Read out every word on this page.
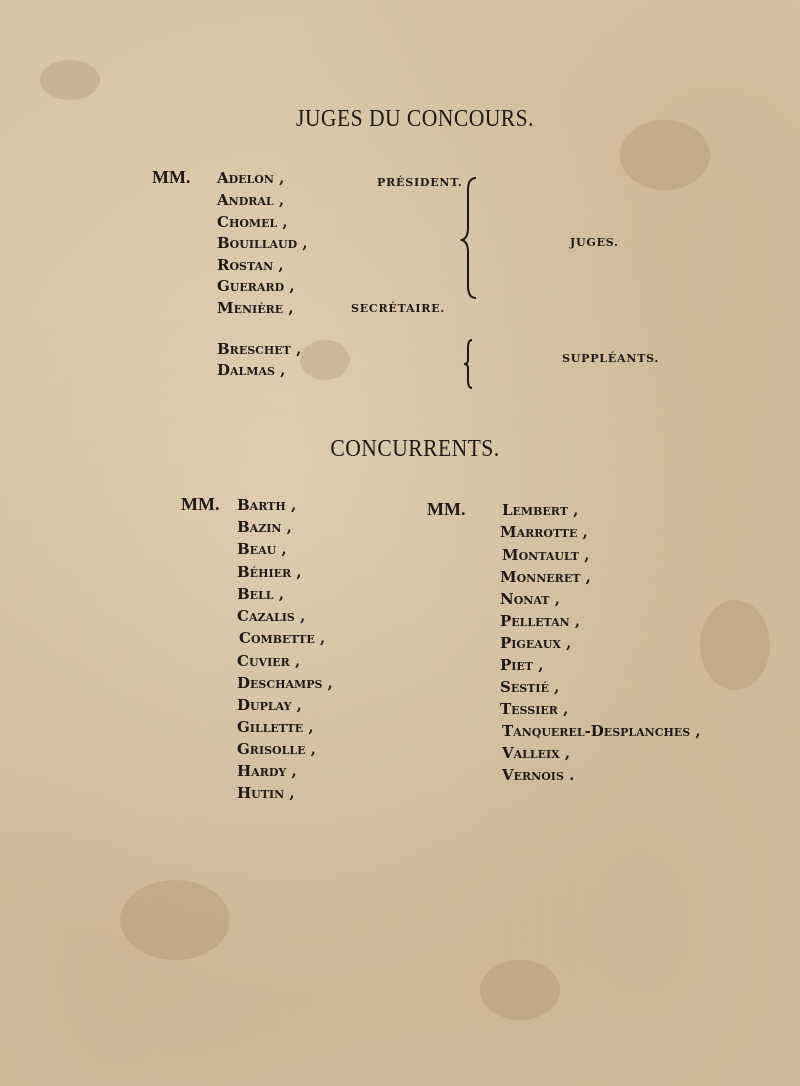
JUGES DU CONCOURS.
MM. Adelon ,
Andral ,
Chomel ,
Bouillaud ,
Rostan ,
Guerard ,
Menière ,
PRÉSIDENT.
SECRÉTAIRE.
JUGES.
Breschet ,
Dalmas ,
SUPPLÉANTS.
CONCURRENTS.
MM.	MM.
Barth ,
Bazin ,
Beau ,
Béhier ,
Bell ,
Cazalis ,
Combette ,
Cuvier ,
Deschamps ,
Duplay ,
Gillette ,
Grisolle ,
Hardy ,
Hutin ,
Lembert ,
Marrotte ,
Montault ,
Monneret ,
Nonat ,
Pelletan ,
Pigeaux ,
Piet ,
Sestié ,
Tessier ,
Tanquerel-Desplanches ,
Valleix ,
Vernois .
